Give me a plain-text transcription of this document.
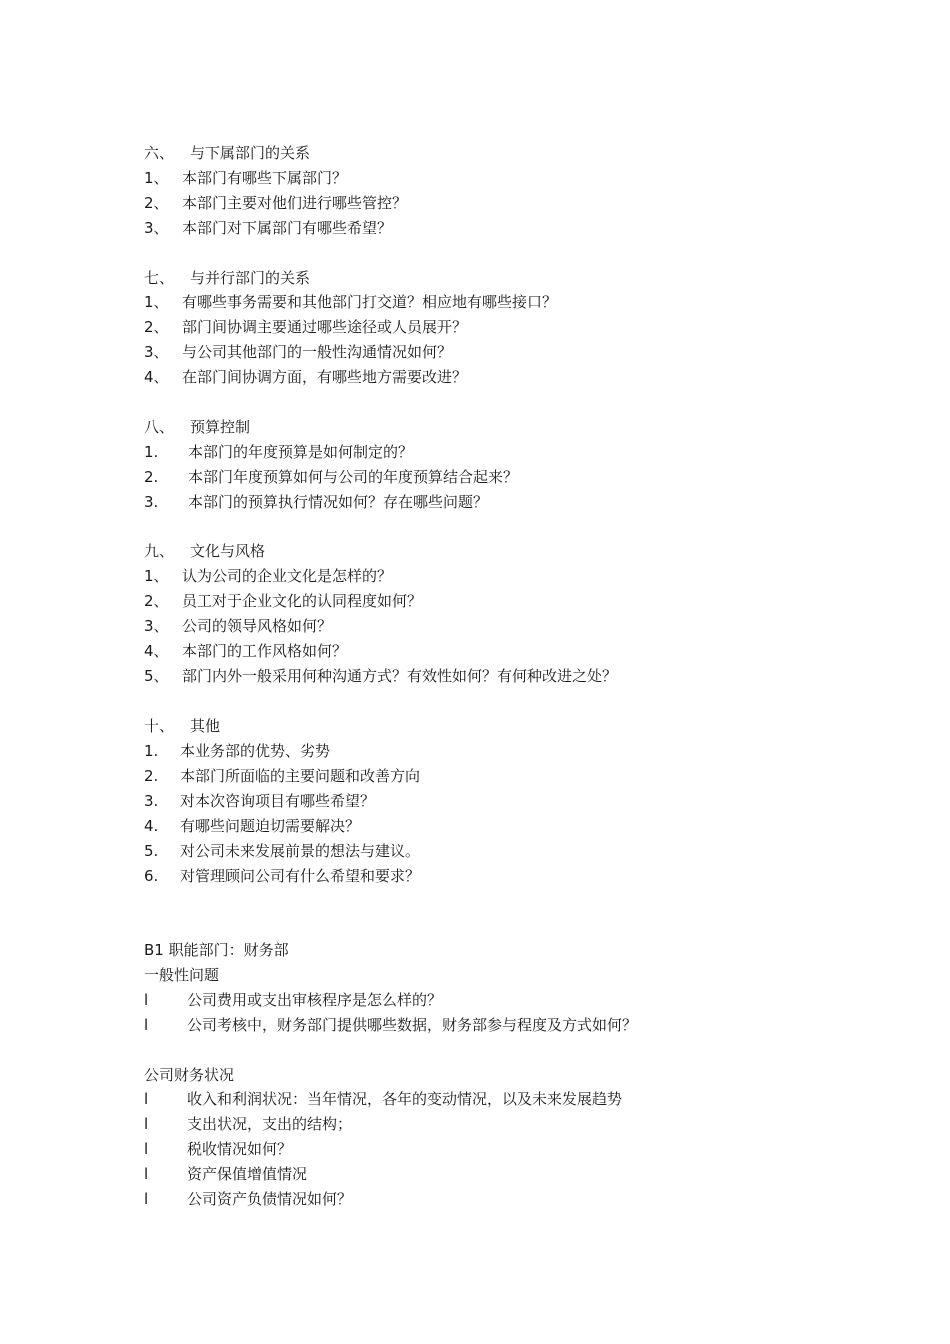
六、 与下属部门的关系
1、 本部门有哪些下属部门？
2、 本部门主要对他们进行哪些管控？
3、 本部门对下属部门有哪些希望？
七、 与并行部门的关系
1、 有哪些事务需要和其他部门打交道？相应地有哪些接口？
2、 部门间协调主要通过哪些途径或人员展开？
3、 与公司其他部门的一般性沟通情况如何？
4、 在部门间协调方面，有哪些地方需要改进？
八、 预算控制
1. 本部门的年度预算是如何制定的？
2. 本部门年度预算如何与公司的年度预算结合起来？
3. 本部门的预算执行情况如何？存在哪些问题？
九、 文化与风格
1、 认为公司的企业文化是怎样的？
2、 员工对于企业文化的认同程度如何？
3、 公司的领导风格如何？
4、 本部门的工作风格如何？
5、 部门内外一般采用何种沟通方式？有效性如何？有何种改进之处？
十、 其他
1. 本业务部的优势、劣势
2. 本部门所面临的主要问题和改善方向
3. 对本次咨询项目有哪些希望？
4. 有哪些问题迫切需要解决？
5. 对公司未来发展前景的想法与建议。
6. 对管理顾问公司有什么希望和要求？
B1 职能部门：财务部
一般性问题
l	公司费用或支出审核程序是怎么样的？
l	公司考核中，财务部门提供哪些数据，财务部参与程度及方式如何？
公司财务状况
l	收入和利润状况：当年情况，各年的变动情况，以及未来发展趋势
l	支出状况，支出的结构；
l	税收情况如何？
l	资产保值增值情况
l	公司资产负债情况如何？
